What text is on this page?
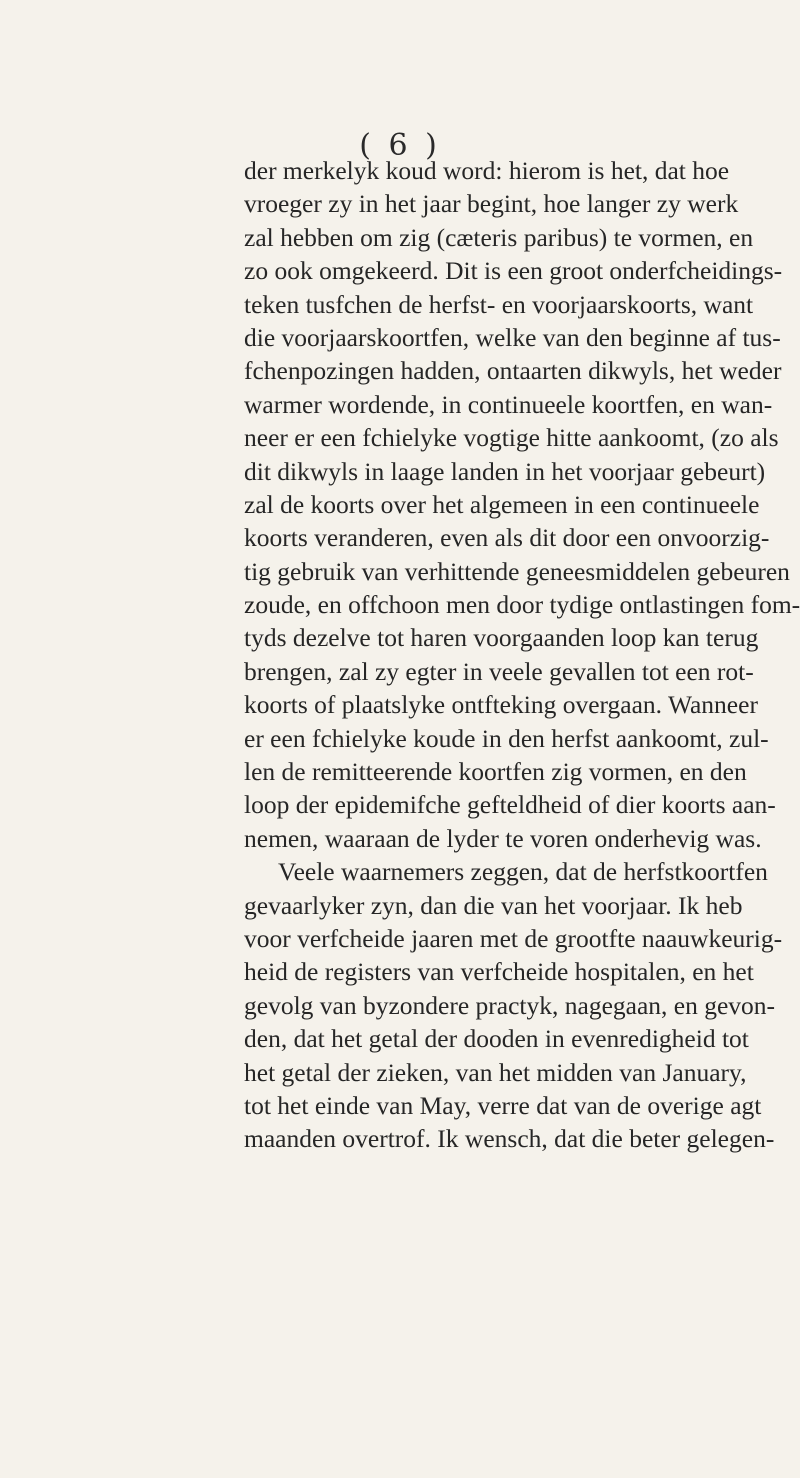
( 6 )
der merkelyk koud word: hierom is het, dat hoe
vroeger zy in het jaar begint, hoe langer zy werk
zal hebben om zig (cæteris paribus) te vormen, en
zo ook omgekeerd. Dit is een groot onderfcheidings-
teken tusfchen de herfst- en voorjaarskoorts, want
die voorjaarskoortfen, welke van den beginne af tus-
fchenpozingen hadden, ontaarten dikwyls, het weder
warmer wordende, in continueele koortfen, en wan-
neer er een fchielyke vogtige hitte aankoomt, (zo als
dit dikwyls in laage landen in het voorjaar gebeurt)
zal de koorts over het algemeen in een continueele
koorts veranderen, even als dit door een onvoorzig-
tig gebruik van verhittende geneesmiddelen gebeuren
zoude, en offchoon men door tydige ontlastingen fom-
tyds dezelve tot haren voorgaanden loop kan terug
brengen, zal zy egter in veele gevallen tot een rot-
koorts of plaatslyke ontfteking overgaan. Wanneer
er een fchielyke koude in den herfst aankoomt, zul-
len de remitteerende koortfen zig vormen, en den
loop der epidemifche gefteldheid of dier koorts aan-
nemen, waaraan de lyder te voren onderhevig was.
Veele waarnemers zeggen, dat de herfstkoortfen
gevaarlyker zyn, dan die van het voorjaar. Ik heb
voor verfcheide jaaren met de grootfte naauwkeurig-
heid de registers van verfcheide hospitalen, en het
gevolg van byzondere practyk, nagegaan, en gevon-
den, dat het getal der dooden in evenredigheid tot
het getal der zieken, van het midden van January,
tot het einde van May, verre dat van de overige agt
maanden overtrof. Ik wensch, dat die beter gelegen-
